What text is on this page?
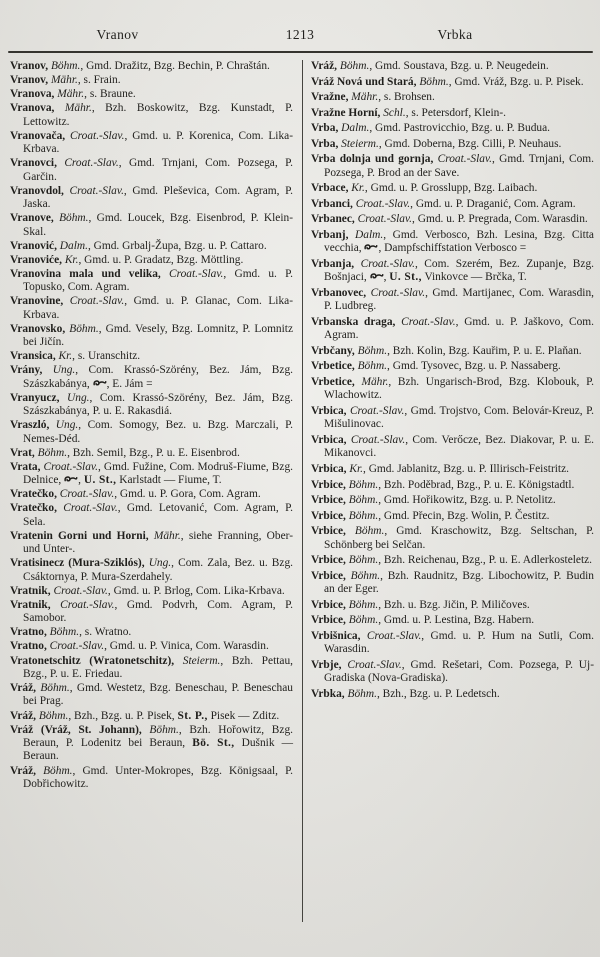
Vranov	1213	Vrbka

Vranov, Böhm., Gmd. Dražitz, Bzg. Bechin, P. Chraštán.

Vranov, Mähr., s. Frain.

Vranova, Mähr., s. Braune.

Vranova, Mähr., Bzh. Boskowitz, Bzg. Kunstadt, P. Lettowitz.

Vranovača, Croat.-Slav., Gmd. u. P. Korenica, Com. Lika-Krbava.

Vranovci, Croat.-Slav., Gmd. Trnjani, Com. Pozsega, P. Garčin.

Vranovdol, Croat.-Slav., Gmd. Pleševica, Com. Agram, P. Jaska.

Vranove, Böhm., Gmd. Loucek, Bzg. Eisenbrod, P. Klein-Skal.

Vranović, Dalm., Gmd. Grbalj-Župa, Bzg. u. P. Cattaro.

Vranoviće, Kr., Gmd. u. P. Gradatz, Bzg. Möttling.

Vranovina mala und velika, Croat.-Slav., Gmd. u. P. Topusko, Com. Agram.

Vranovine, Croat.-Slav., Gmd. u. P. Glanac, Com. Lika-Krbava.

Vranovsko, Böhm., Gmd. Vesely, Bzg. Lomnitz, P. Lomnitz bei Jičín.

Vransica, Kr., s. Uranschitz.

Vrány, Ung., Com. Krassó-Szörény, Bez. Jám, Bzg. Szászkabánya,
, E. Jám =

Vranyucz, Ung., Com. Krassó-Szörény, Bez. Jám, Bzg. Szászkabánya, P. u. E. Rakasdiá.

Vraszló, Ung., Com. Somogy, Bez. u. Bzg. Marczali, P. Nemes-Déd.

Vrat, Böhm., Bzh. Semil, Bzg., P. u. E. Eisenbrod.

Vrata, Croat.-Slav., Gmd. Fužine, Com. Modruš-Fiume, Bzg. Delnice,
, U. St., Karlstadt — Fiume, T.

Vratečko, Croat.-Slav., Gmd. u. P. Gora, Com. Agram.

Vratečko, Croat.-Slav., Gmd. Letovanić, Com. Agram, P. Sela.

Vratenin Gorni und Horni, Mähr., siehe Franning, Ober- und Unter-.

Vratisinecz (Mura-Sziklós), Ung., Com. Zala, Bez. u. Bzg. Csáktornya, P. Mura-Szerdahely.

Vratnik, Croat.-Slav., Gmd. u. P. Brlog, Com. Lika-Krbava.

Vratnik, Croat.-Slav., Gmd. Podvrh, Com. Agram, P. Samobor.

Vratno, Böhm., s. Wratno.

Vratno, Croat.-Slav., Gmd. u. P. Vinica, Com. Warasdin.

Vratonetschitz (Wratonetschitz), Steierm., Bzh. Pettau, Bzg., P. u. E. Friedau.

Vráž, Böhm., Gmd. Westetz, Bzg. Beneschau, P. Beneschau bei Prag.

Vráž, Böhm., Bzh., Bzg. u. P. Pisek, St. P., Pisek — Zditz.

Vráž (Vráž, St. Johann), Böhm., Bzh. Hořowitz, Bzg. Beraun, P. Lodenitz bei Beraun, Bö. St., Dušnik — Beraun.

Vráž, Böhm., Gmd. Unter-Mokropes, Bzg. Königsaal, P. Dobřichowitz.

Vráž, Böhm., Gmd. Soustava, Bzg. u. P. Neugedein.

Vráž Nová und Stará, Böhm., Gmd. Vráž, Bzg. u. P. Pisek.

Vražne, Mähr., s. Brohsen.

Vražne Horní, Schl., s. Petersdorf, Klein-.

Vrba, Dalm., Gmd. Pastrovicchio, Bzg. u. P. Budua.

Vrba, Steierm., Gmd. Doberna, Bzg. Cilli, P. Neuhaus.

Vrba dolnja und gornja, Croat.-Slav., Gmd. Trnjani, Com. Pozsega, P. Brod an der Save.

Vrbace, Kr., Gmd. u. P. Grosslupp, Bzg. Laibach.

Vrbanci, Croat.-Slav., Gmd. u. P. Draganić, Com. Agram.

Vrbanec, Croat.-Slav., Gmd. u. P. Pregrada, Com. Warasdin.

Vrbanj, Dalm., Gmd. Verbosco, Bzh. Lesina, Bzg. Citta vecchia,
, Dampfschiffstation Verbosco =

Vrbanja, Croat.-Slav., Com. Szerém, Bez. Zupanje, Bzg. Bošnjaci,
, U. St., Vinkovce — Brčka, T.

Vrbanovec, Croat.-Slav., Gmd. Martijanec, Com. Warasdin, P. Ludbreg.

Vrbanska draga, Croat.-Slav., Gmd. u. P. Jaškovo, Com. Agram.

Vrbčany, Böhm., Bzh. Kolin, Bzg. Kauřim, P. u. E. Plaňan.

Vrbetice, Böhm., Gmd. Tysovec, Bzg. u. P. Nassaberg.

Vrbetice, Mähr., Bzh. Ungarisch-Brod, Bzg. Klobouk, P. Wlachowitz.

Vrbica, Croat.-Slav., Gmd. Trojstvo, Com. Belovár-Kreuz, P. Mišulinovac.

Vrbica, Croat.-Slav., Com. Verőcze, Bez. Diakovar, P. u. E. Mikanovci.

Vrbica, Kr., Gmd. Jablanitz, Bzg. u. P. Illirisch-Feistritz.

Vrbice, Böhm., Bzh. Poděbrad, Bzg., P. u. E. Königstadtl.

Vrbice, Böhm., Gmd. Hořikowitz, Bzg. u. P. Netolitz.

Vrbice, Böhm., Gmd. Přecin, Bzg. Wolin, P. Čestitz.

Vrbice, Böhm., Gmd. Kraschowitz, Bzg. Seltschan, P. Schönberg bei Selčan.

Vrbice, Böhm., Bzh. Reichenau, Bzg., P. u. E. Adlerkosteletz.

Vrbice, Böhm., Bzh. Raudnitz, Bzg. Libochowitz, P. Budin an der Eger.

Vrbice, Böhm., Bzh. u. Bzg. Jičin, P. Miličoves.

Vrbice, Böhm., Gmd. u. P. Lestina, Bzg. Habern.

Vrbišnica, Croat.-Slav., Gmd. u. P. Hum na Sutli, Com. Warasdin.

Vrbje, Croat.-Slav., Gmd. Rešetari, Com. Pozsega, P. Uj-Gradiska (Nova-Gradiska).

Vrbka, Böhm., Bzh., Bzg. u. P. Ledetsch.
